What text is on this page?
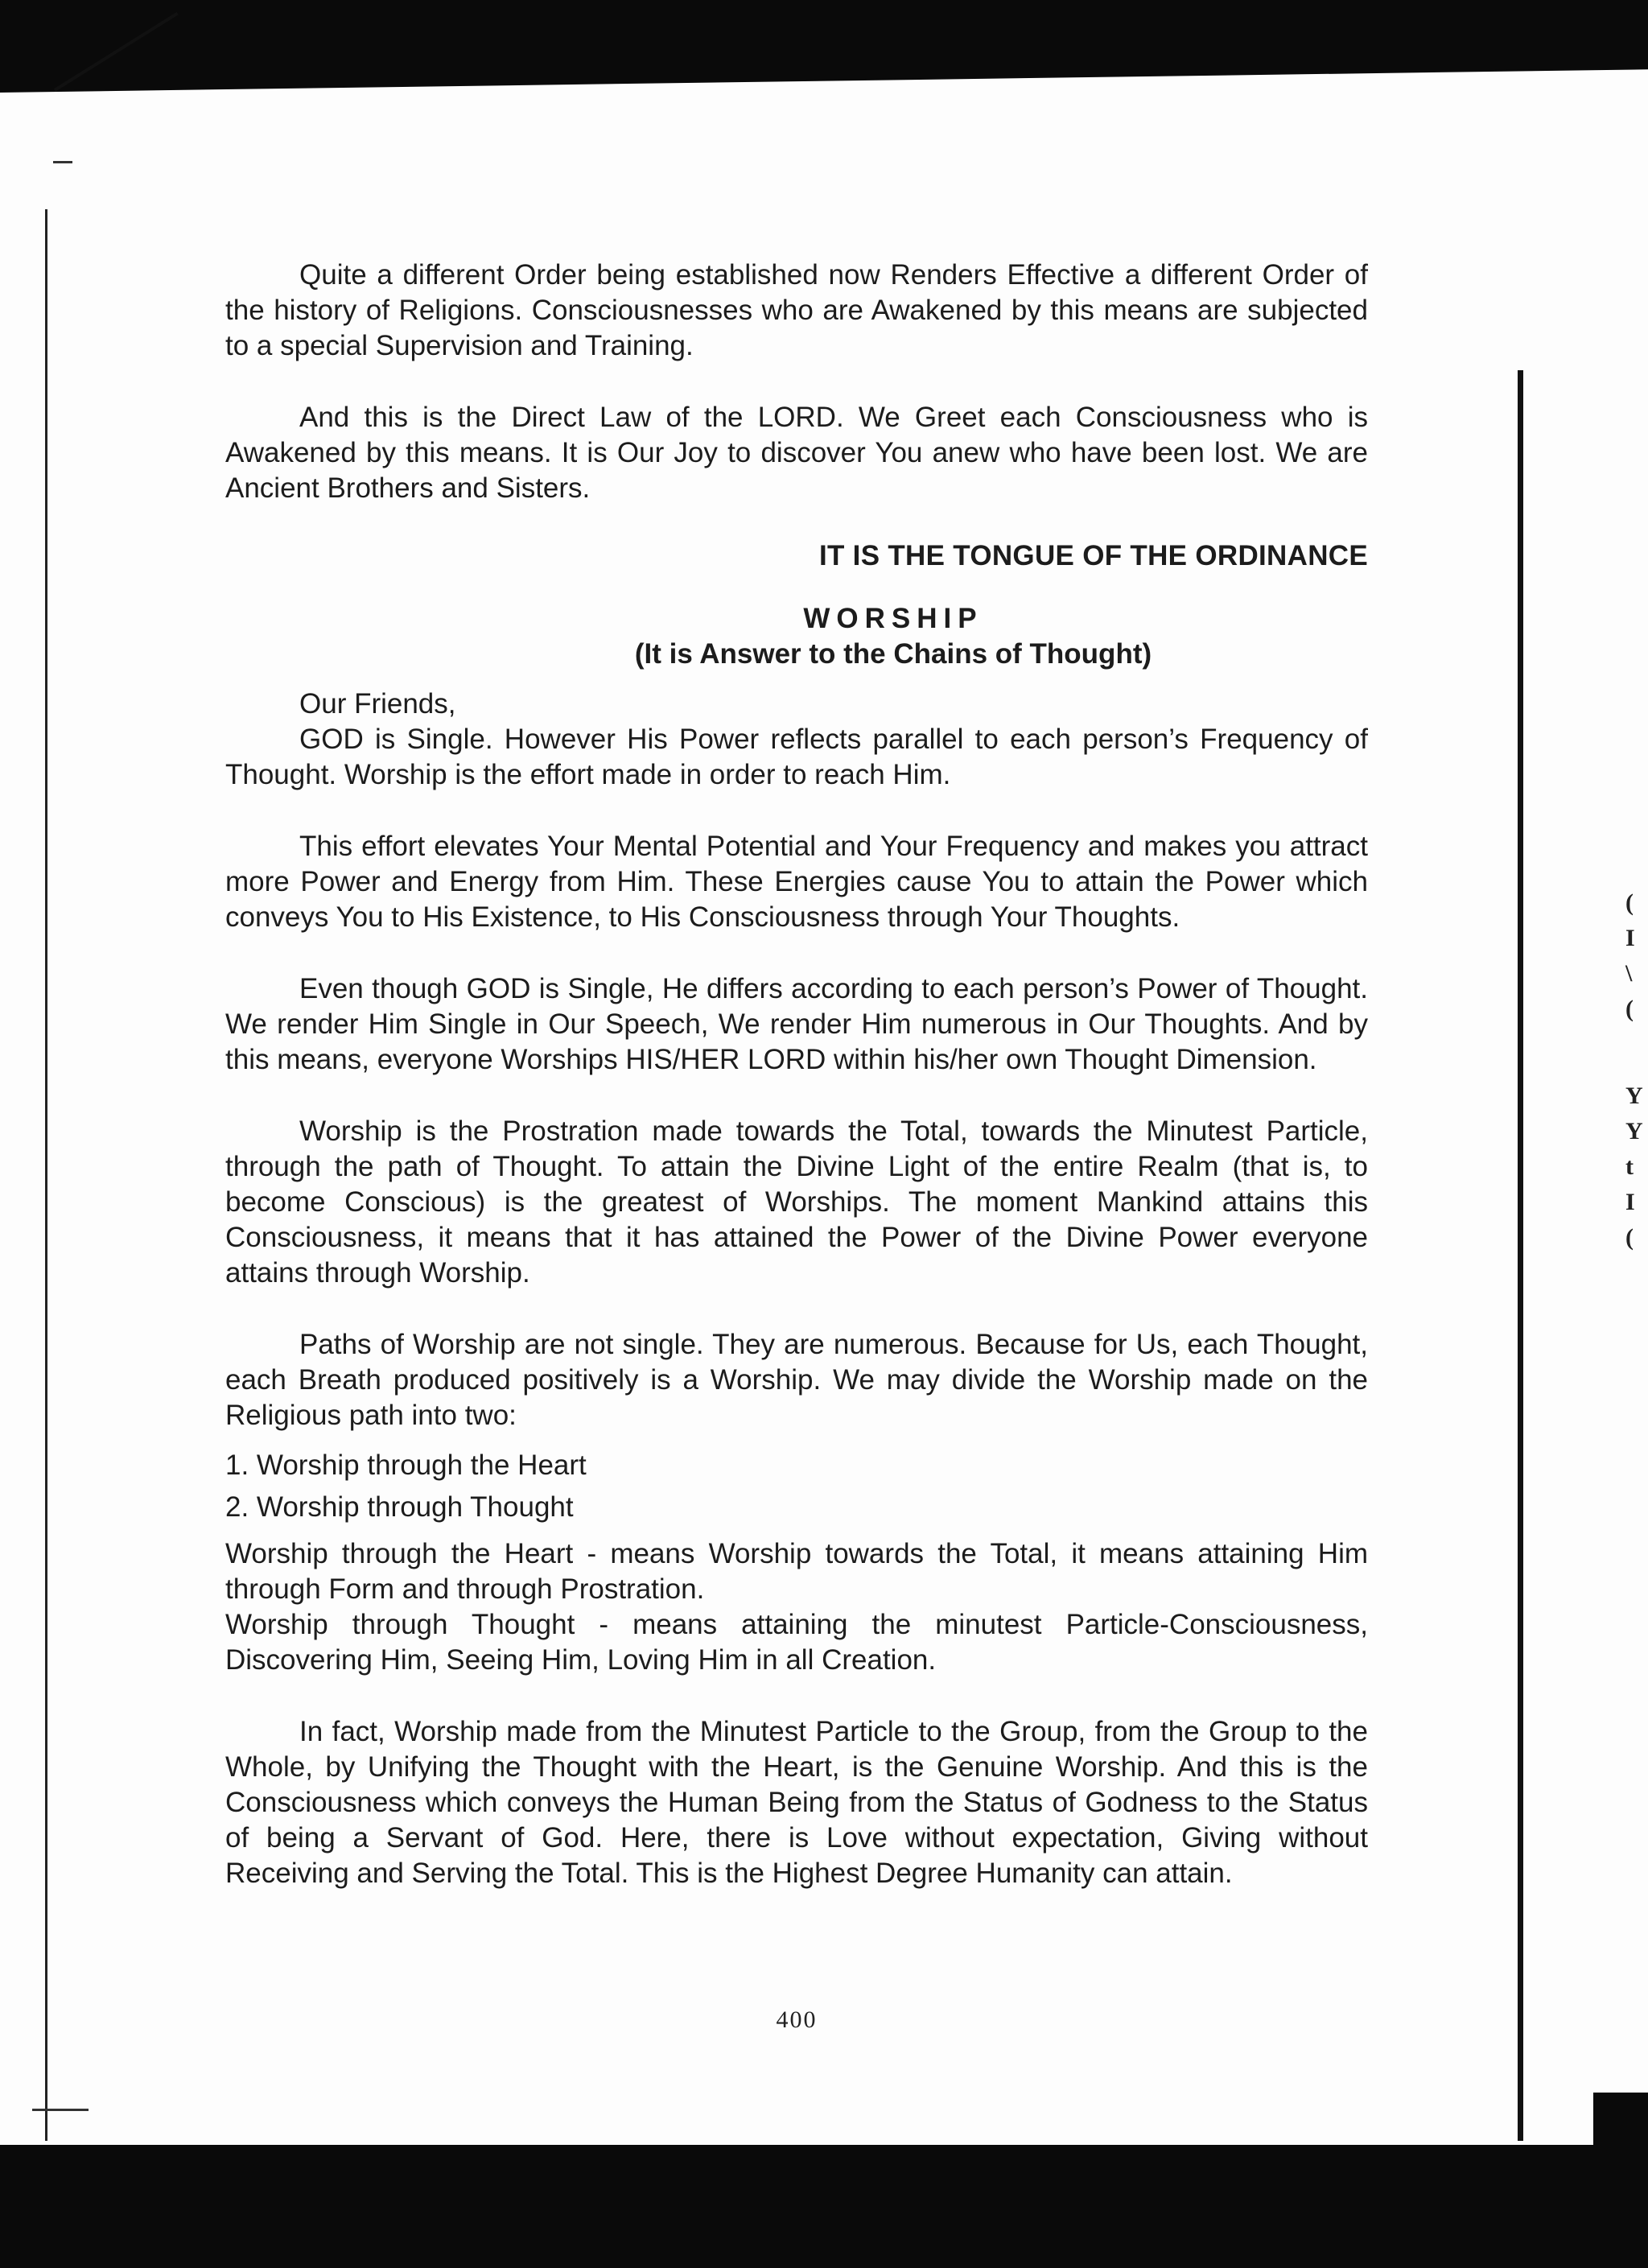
(
I
\
(
Y
Y
t
I
(

Quite a different Order being established now Renders Effective a different Order of the history of Religions. Consciousnesses who are Awakened by this means are subjected to a special Supervision and Training.

And this is the Direct Law of the LORD. We Greet each Consciousness who is Awakened by this means. It is Our Joy to discover You anew who have been lost. We are Ancient Brothers and Sisters.

IT IS THE TONGUE OF THE ORDINANCE
WORSHIP
(It is Answer to the Chains of Thought)
Our Friends,

GOD is Single. However His Power reflects parallel to each person’s Frequency of Thought. Worship is the effort made in order to reach Him.

This effort elevates Your Mental Potential and Your Frequency and makes you attract more Power and Energy from Him. These Energies cause You to attain the Power which conveys You to His Existence, to His Consciousness through Your Thoughts.

Even though GOD is Single, He differs according to each person’s Power of Thought. We render Him Single in Our Speech, We render Him numerous in Our Thoughts. And by this means, everyone Worships HIS/HER LORD within his/her own Thought Dimension.

Worship is the Prostration made towards the Total, towards the Minutest Particle, through the path of Thought. To attain the Divine Light of the entire Realm (that is, to become Conscious) is the greatest of Worships. The moment Mankind attains this Consciousness, it means that it has attained the Power of the Divine Power everyone attains through Worship.

Paths of Worship are not single. They are numerous. Because for Us, each Thought, each Breath produced positively is a Worship. We may divide the Worship made on the Religious path into two:

1. Worship through the Heart
2. Worship through Thought

Worship through the Heart - means Worship towards the Total, it means attaining Him through Form and through Prostration.

Worship through Thought - means attaining the minutest Particle-Consciousness, Discovering Him, Seeing Him, Loving Him in all Creation.

In fact, Worship made from the Minutest Particle to the Group, from the Group to the Whole, by Unifying the Thought with the Heart, is the Genuine Worship. And this is the Consciousness which conveys the Human Being from the Status of Godness to the Status of being a Servant of God. Here, there is Love without expectation, Giving without Receiving and Serving the Total. This is the Highest Degree Humanity can attain.

400
